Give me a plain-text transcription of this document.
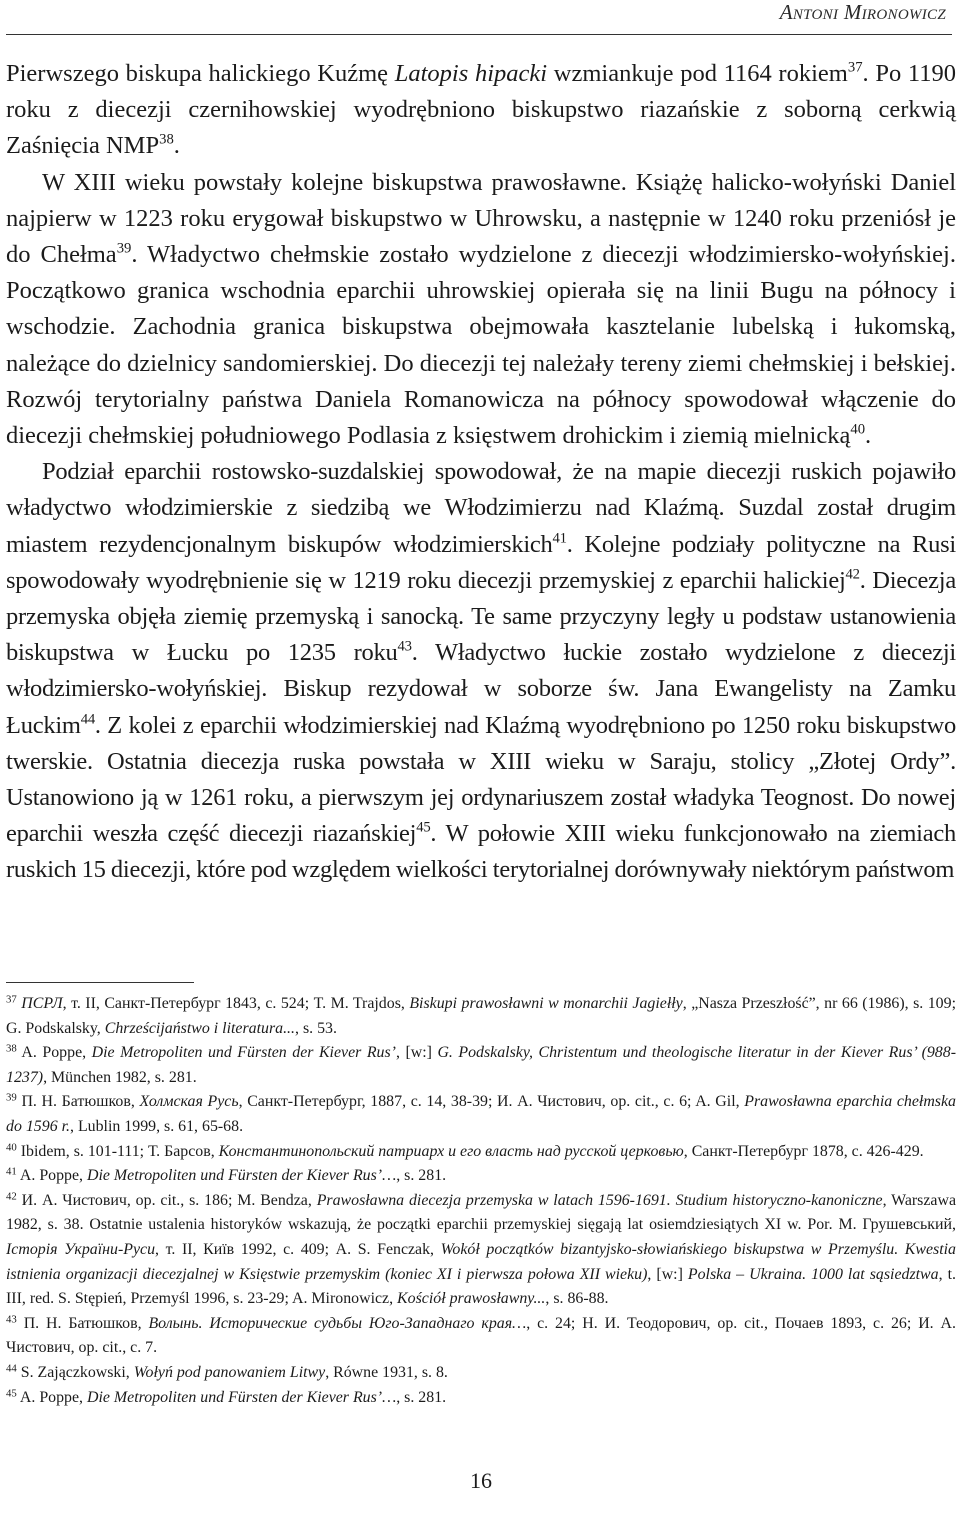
Antoni Mironowicz

Pierwszego biskupa halickiego Kuźmę Latopis hipacki wzmiankuje pod 1164 rokiem$^{37}$. Po 1190 roku z diecezji czernihowskiej wyodrębniono biskupstwo riazańskie z soborną cerkwią Zaśnięcia NMP$^{38}$.

W XIII wieku powstały kolejne biskupstwa prawosławne. Książę halicko-wołyński Daniel najpierw w 1223 roku erygował biskupstwo w Uhrowsku, a następnie w 1240 roku przeniósł je do Chełma$^{39}$. Władyctwo chełmskie zostało wydzielone z diecezji włodzimiersko-wołyńskiej. Początkowo granica wschodnia eparchii uhrowskiej opierała się na linii Bugu na północy i wschodzie. Zachodnia granica biskupstwa obejmowała kasztelanie lubelską i łukomską, należące do dzielnicy sandomierskiej. Do diecezji tej należały tereny ziemi chełmskiej i bełskiej. Rozwój terytorialny państwa Daniela Romanowicza na północy spowodował włączenie do diecezji chełmskiej południowego Podlasia z księstwem drohickim i ziemią mielnicką$^{40}$.

Podział eparchii rostowsko-suzdalskiej spowodował, że na mapie diecezji ruskich pojawiło władyctwo włodzimierskie z siedzibą we Włodzimierzu nad Klaźmą. Suzdal został drugim miastem rezydencjonalnym biskupów włodzimierskich$^{41}$. Kolejne podziały polityczne na Rusi spowodowały wyodrębnienie się w 1219 roku diecezji przemyskiej z eparchii halickiej$^{42}$. Diecezja przemyska objęła ziemię przemyską i sanocką. Te same przyczyny legły u podstaw ustanowienia biskupstwa w Łucku po 1235 roku$^{43}$. Władyctwo łuckie zostało wydzielone z diecezji włodzimiersko-wołyńskiej. Biskup rezydował w soborze św. Jana Ewangelisty na Zamku Łuckim$^{44}$. Z kolei z eparchii włodzimierskiej nad Klaźmą wyodrębniono po 1250 roku biskupstwo twerskie. Ostatnia diecezja ruska powstała w XIII wieku w Saraju, stolicy „Złotej Ordy”. Ustanowiono ją w 1261 roku, a pierwszym jej ordynariuszem został władyka Teognost. Do nowej eparchii weszła część diecezji riazańskiej$^{45}$. W połowie XIII wieku funkcjonowało na ziemiach ruskich 15 diecezji, które pod względem wielkości terytorialnej dorównywały niektórym państwom

$^{37}$ ПСРЛ, т. II, Санкт-Петербург 1843, с. 524; T. M. Trajdos, Biskupi prawosławni w monarchii Jagiełły, „Nasza Przeszłość”, nr 66 (1986), s. 109; G. Podskalsky, Chrześcijaństwo i literatura..., s. 53.

$^{38}$ A. Poppe, Die Metropoliten und Fürsten der Kiever Rus’, [w:] G. Podskalsky, Christentum und theologische literatur in der Kiever Rus’ (988-1237), München 1982, s. 281.

$^{39}$ П. Н. Батюшков, Холмская Русь, Санкт-Петербург, 1887, с. 14, 38-39; И. А. Чистович, op. cit., c. 6; A. Gil, Prawosławna eparchia chełmska do 1596 r., Lublin 1999, s. 61, 65-68.

$^{40}$ Ibidem, s. 101-111; Т. Барсов, Константинопольский патриарх и его власть над русской церковью, Санкт-Петербург 1878, с. 426-429.

$^{41}$ A. Poppe, Die Metropoliten und Fürsten der Kiever Rus’…, s. 281.

$^{42}$ И. А. Чистович, op. cit., s. 186; M. Bendza, Prawosławna diecezja przemyska w latach 1596-1691. Studium historyczno-kanoniczne, Warszawa 1982, s. 38. Ostatnie ustalenia historyków wskazują, że początki eparchii przemyskiej sięgają lat osiemdziesiątych XI w. Por. M. Грушевський, Історія України-Руси, т. II, Київ 1992, с. 409; A. S. Fenczak, Wokół początków bizantyjsko-słowiańskiego biskupstwa w Przemyślu. Kwestia istnienia organizacji diecezjalnej w Księstwie przemyskim (koniec XI i pierwsza połowa XII wieku), [w:] Polska – Ukraina. 1000 lat sąsiedztwa, t. III, red. S. Stępień, Przemyśl 1996, s. 23-29; A. Mironowicz, Kościół prawosławny..., s. 86-88.

$^{43}$ П. Н. Батюшков, Волынь. Исторические судьбы Юго-Западнаго края…, с. 24; Н. И. Теодорович, op. cit., Почаев 1893, с. 26; И. А. Чистович, op. cit., c. 7.

$^{44}$ S. Zajączkowski, Wołyń pod panowaniem Litwy, Równe 1931, s. 8.

$^{45}$ A. Poppe, Die Metropoliten und Fürsten der Kiever Rus’…, s. 281.

16
